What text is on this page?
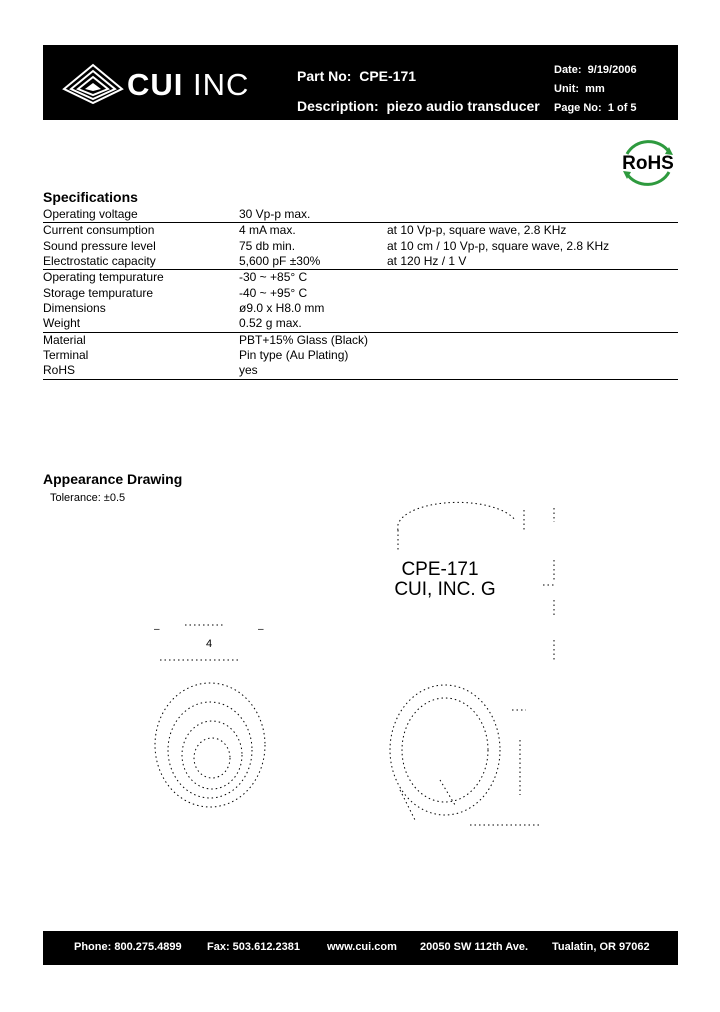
CUI INC	Part No: CPE-171
Description: piezo audio transducer
Date: 9/19/2006
Unit: mm
Page No: 1 of 5
RoHS
Specifications
Operating voltage	30 Vp-p max.	
Current consumption	4 mA max.	at 10 Vp-p, square wave, 2.8 KHz
Sound pressure level	75 db min.	at 10 cm / 10 Vp-p, square wave, 2.8 KHz
Electrostatic capacity	5,600 pF ±30%	at 120 Hz / 1 V
Operating tempurature	-30 ~ +85° C	
Storage tempurature	-40 ~ +95° C	
Dimensions	ø9.0 x H8.0 mm	
Weight	0.52 g max.	
Material	PBT+15% Glass (Black)	
Terminal	Pin type (Au Plating)	
RoHS	yes	
Appearance Drawing
Tolerance: ±0.5
–	–
4
CPE-171
CUI, INC. G
Phone: 800.275.4899 Fax: 503.612.2381 www.cui.com 20050 SW 112th Ave. Tualatin, OR 97062
